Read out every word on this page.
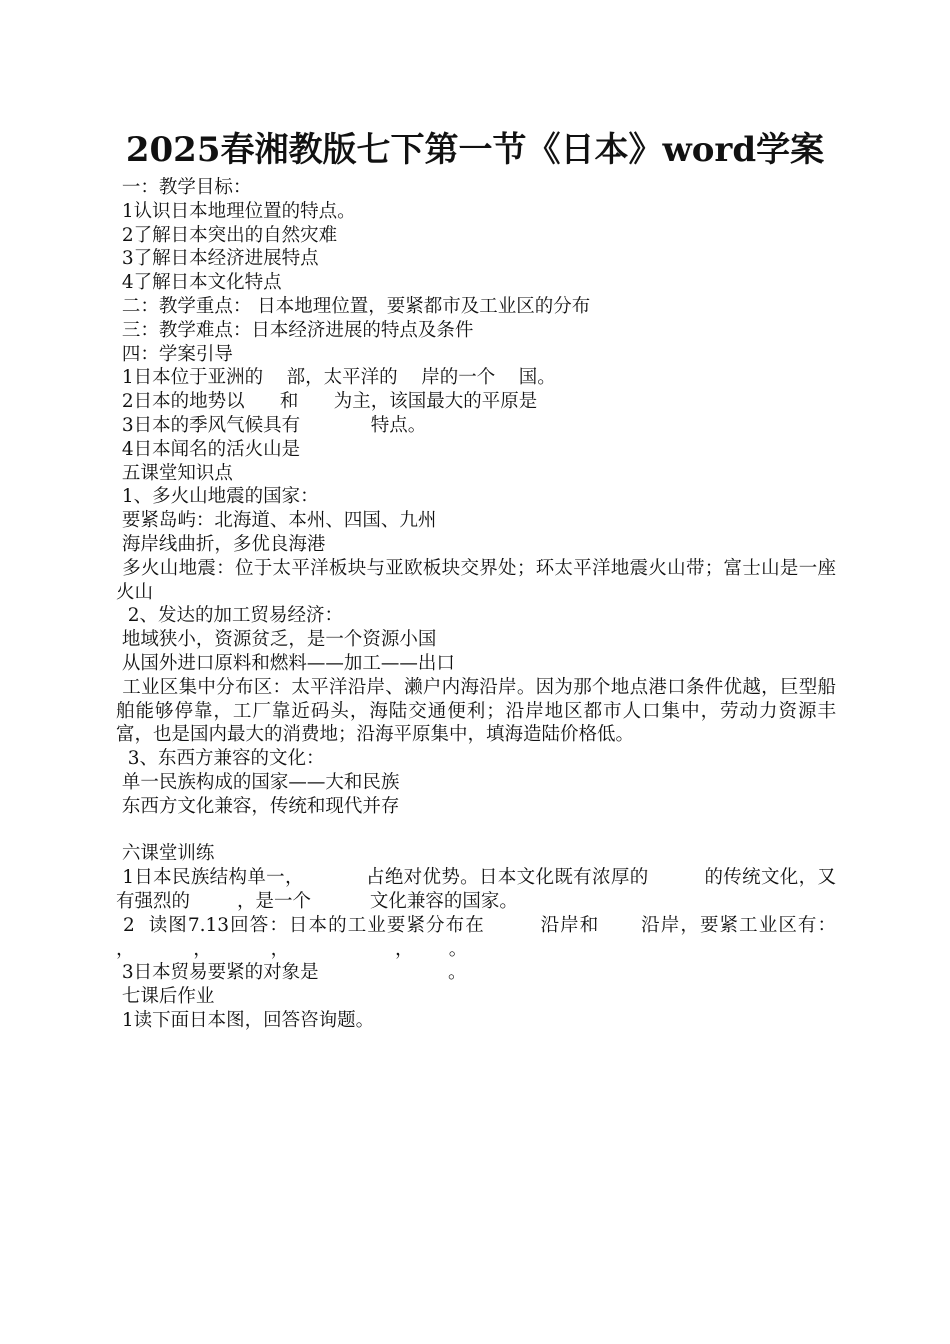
2025春湘教版七下第一节《日本》word学案
一：教学目标：
1认识日本地理位置的特点。
2了解日本突出的自然灾难
3了解日本经济进展特点
4了解日本文化特点
二：教学重点： 日本地理位置，要紧都市及工业区的分布
三：教学难点：日本经济进展的特点及条件
四：学案引导
1日本位于亚洲的    部，太平洋的    岸的一个    国。
2日本的地势以      和      为主，该国最大的平原是
3日本的季风气候具有            特点。
4日本闻名的活火山是
五课堂知识点
1、多火山地震的国家：
要紧岛屿：北海道、本州、四国、九州
海岸线曲折，多优良海港
多火山地震：位于太平洋板块与亚欧板块交界处；环太平洋地震火山带；富士山是一座火山
2、发达的加工贸易经济：
地域狭小，资源贫乏，是一个资源小国
从国外进口原料和燃料——加工——出口
工业区集中分布区：太平洋沿岸、濑户内海沿岸。因为那个地点港口条件优越，巨型船舶能够停靠，工厂靠近码头，海陆交通便利；沿岸地区都市人口集中，劳动力资源丰富，也是国内最大的消费地；沿海平原集中，填海造陆价格低。
3、东西方兼容的文化：
单一民族构成的国家——大和民族
东西方文化兼容，传统和现代并存
六课堂训练
1日本民族结构单一，          占绝对优势。日本文化既有浓厚的         的传统文化，又有强烈的        ，是一个          文化兼容的国家。
2  读图7.13回答：日本的工业要紧分布在        沿岸和      沿岸，要紧工业区有：          ，          ，          ，                  ，      。
3日本贸易要紧的对象是                      。
七课后作业
1读下面日本图，回答咨询题。
